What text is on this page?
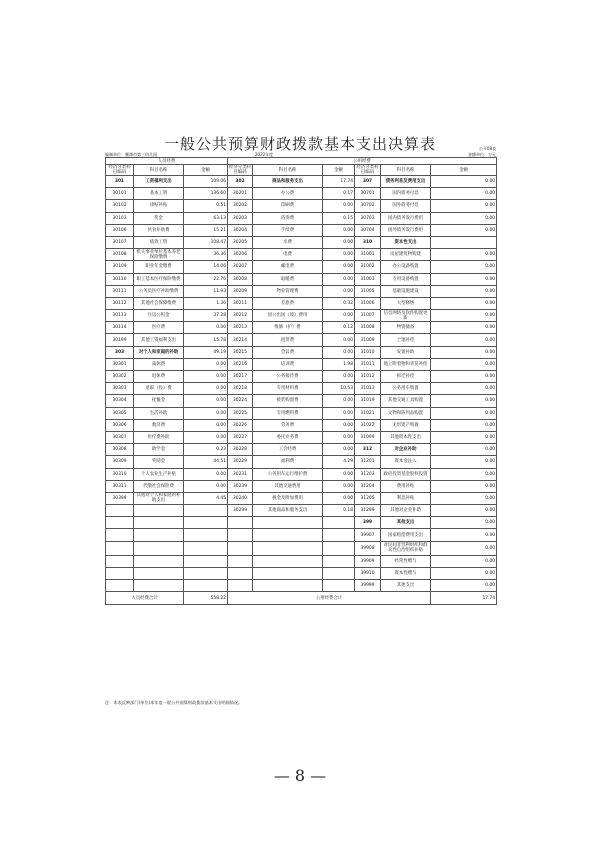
一般公共预算财政拨款基本支出决算表	公开08表
编制单位：鹰潭市第三幼儿园	2022年度	金额单位：万元
人员经费			公用经费					
经济分类科目编码	科目名称	金额	经济分类科目编码	科目名称	金额	经济分类科目编码	科目名称	金额
301	工资福利支出	109.06	302	商品和服务支出	17.74	307	债务利息及费用支出	0.00
30101	基本工资	136.60	30201	办公费	0.17	30701	国内债务付息	0.00
30102	津贴补贴	0.51	30202	印刷费	0.00	30702	国外债务付息	0.00
30103	奖金	63.13	30203	咨询费	0.15	30703	国内债务发行费用	0.00
30106	伙食补助费	15.21	30204	手续费	0.00	30704	国外债务发行费用	0.00
30107	绩效工资	108.47	30205	水费	0.00	310	资本性支出	
30108	机关事业单位基本养老保险缴费	36.36	30206	电费	0.00	31001	房屋建筑物购建	0.00
30109	职业年金缴费	14.06	30207	邮电费	0.00	31002	办公设备购置	0.00
30110	职工基本医疗保险缴费	22.76	30208	取暖费	0.00	31003	专用设备购置	0.00
30111	公务员医疗补助缴费	11.93	30209	物业管理费	0.00	31005	基础设施建设	0.00
30112	其他社会保障缴费	1.36	30211	差旅费	0.32	31006	大型修缮	0.00
30113	住房公积金	37.28	30212	因公出国（境）费用	0.00	31007	信息网络及软件购置更新	0.00
30114	医疗费	0.00	30213	维修（护）费	0.12	31008	物资储备	0.00
30199	其他工资福利支出	15.78	30214	租赁费	0.00	31009	土地补偿	0.00
303	对个人和家庭的补助	49.19	30215	会议费	0.00	31010	安置补助	0.00
30301	离休费	0.00	30216	培训费	1.98	31011	地上附着物和青苗补偿	0.00
30302	退休费	0.00	30217	公务接待费	0.00	31012	拆迁补偿	0.00
30303	退职（役）费	0.00	30218	专用材料费	10.53	31013	公务用车购置	0.00
30304	抚恤金	0.00	30224	被装购置费	0.00	31019	其他交通工具购置	0.00
30305	生活补助	0.00	30225	专用燃料费	0.00	31021	文物和陈列品购置	0.00
30306	救济费	0.00	30226	劳务费	0.00	31022	无形资产购置	0.00
30307	医疗费补助	0.00	30227	委托业务费	0.00	31099	其他资本性支出	0.00
30308	助学金	0.23	30228	工会经费	0.00	312	对企业补助	0.00
30309	奖励金	44.51	30229	福利费	4.29	31201	资本金注入	0.00
30310	个人农业生产补贴	0.00	30231	公务用车运行维护费	0.00	31203	政府投资基金股权投资	0.00
30311	代缴社会保险费	0.00	30239	其他交通费用	0.00	31204	费用补贴	0.00
30399	其他对个人和家庭的补助支出	4.45	30240	税金及附加费用	0.00	31205	利息补贴	0.00
			30299	其他商品和服务支出	0.18	31299	其他对企业补助	0.00
						399	其他支出	0.00
						39907	国家赔偿费用支出	0.00
						39908	对民间非营利组织和群众性自治组织补贴	0.00
						39909	经常性赠与	0.00
						39910	资本性赠与	0.00
						39999	其他支出	0.00
人员经费合计		558.22	公用经费合计					17.74
注：本表反映部门(单位)本年度一般公共预算财政拨款基本支出明细情况。
— 8 —
